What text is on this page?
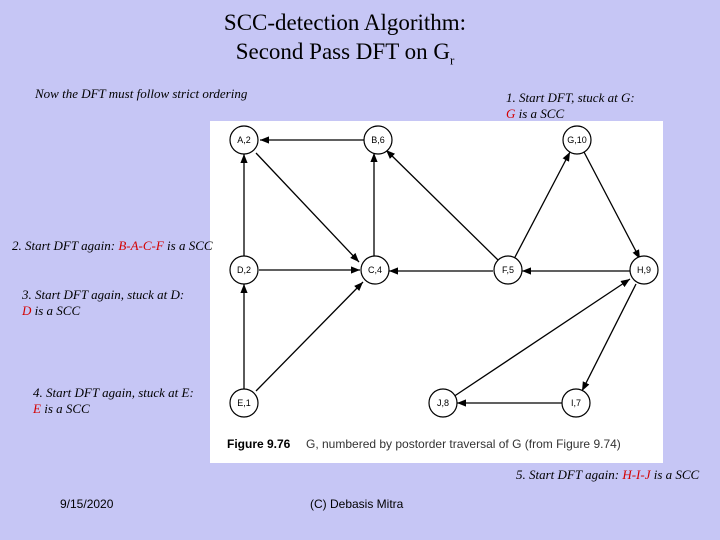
SCC-detection Algorithm:
Second Pass DFT on $G_r$
Now the DFT must follow strict ordering	1. Start DFT, stuck at G:
G is a SCC
A,2	B,6	G,10
D,2	C,4	F,5	H,9
E,1	J,8	I,7
Figure 9.76 G, numbered by postorder traversal of G (from Figure 9.74)
2. Start DFT again: B-A-C-F is a SCC
3. Start DFT again, stuck at D:
D is a SCC
4. Start DFT again, stuck at E:
E is a SCC
5. Start DFT again: H-I-J is a SCC
9/15/2020	(C) Debasis Mitra
